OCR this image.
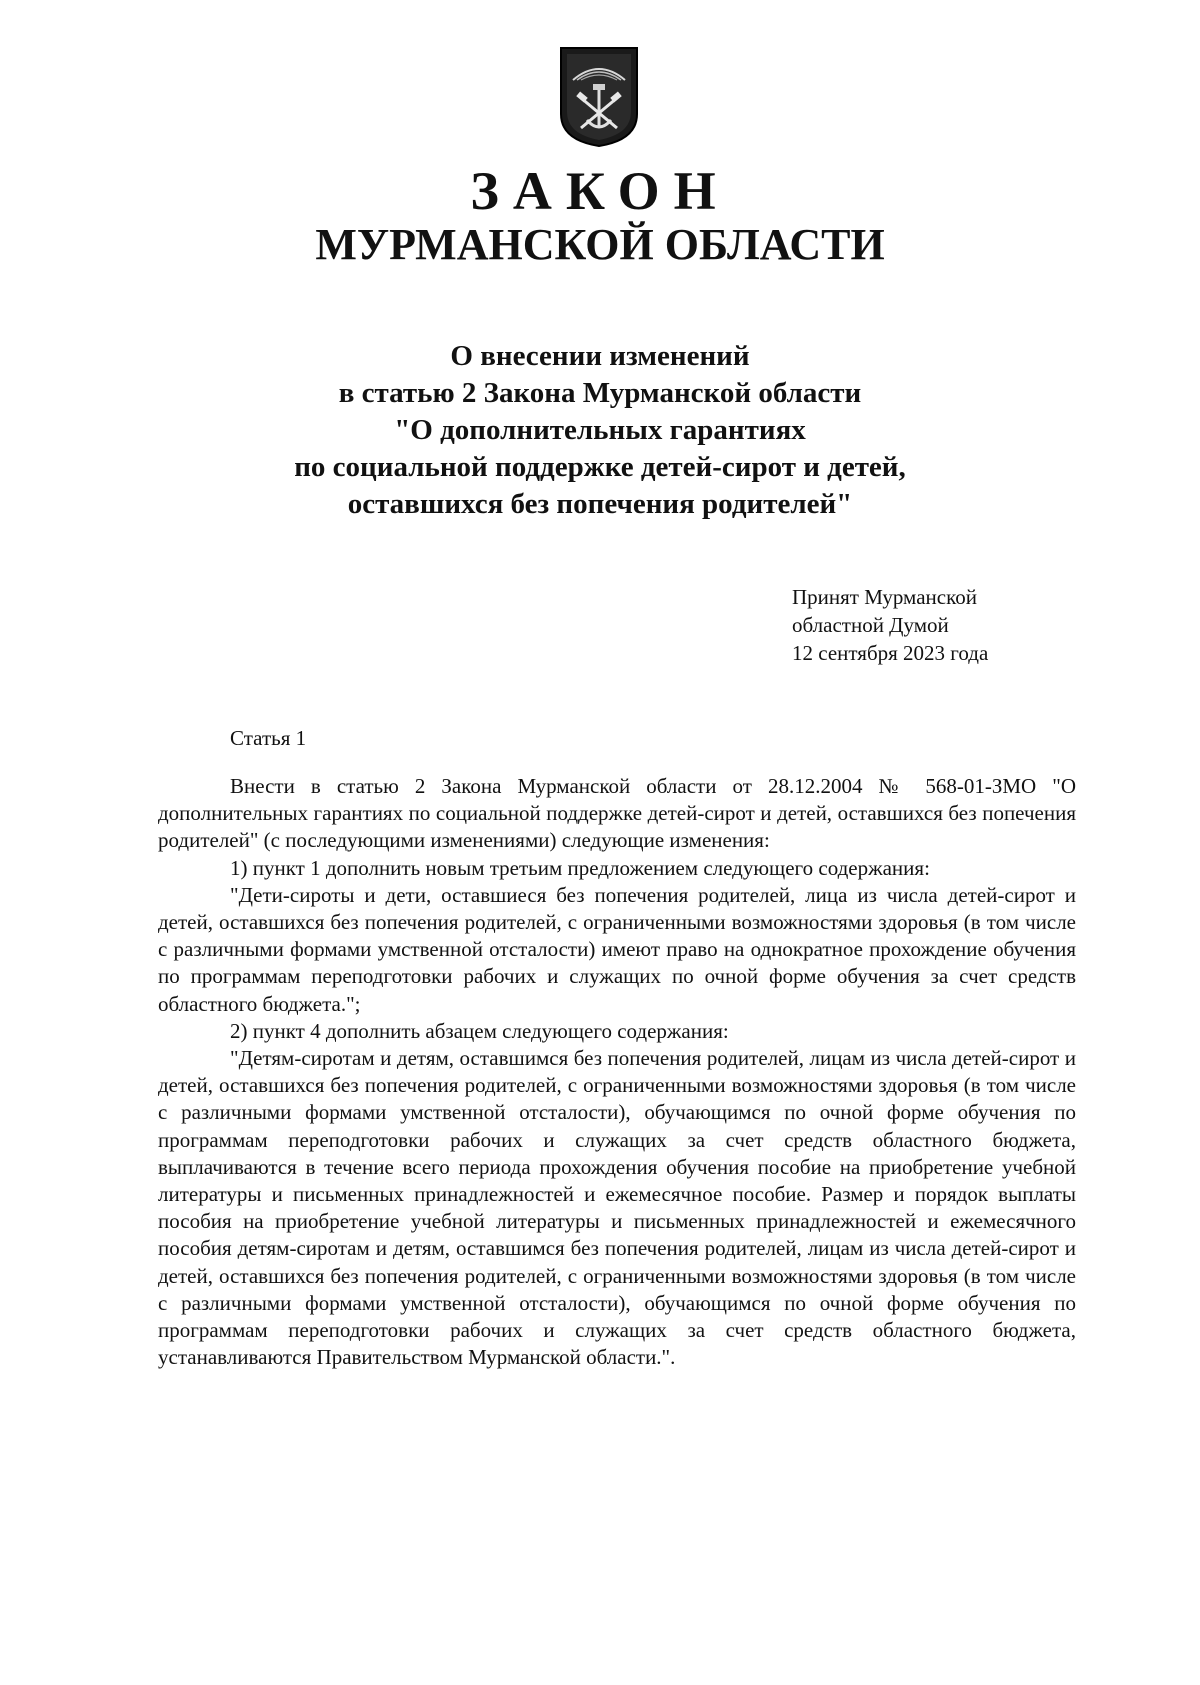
ЗАКОН
МУРМАНСКОЙ ОБЛАСТИ
О внесении изменений
в статью 2 Закона Мурманской области
"О дополнительных гарантиях
по социальной поддержке детей-сирот и детей,
оставшихся без попечения родителей"
Принят Мурманской
областной Думой
12 сентября 2023 года
Статья 1

Внести в статью 2 Закона Мурманской области от 28.12.2004 № 568-01-ЗМО "О дополнительных гарантиях по социальной поддержке детей-сирот и детей, оставшихся без попечения родителей" (с последующими изменениями) следующие изменения:

1) пункт 1 дополнить новым третьим предложением следующего содержания:

"Дети-сироты и дети, оставшиеся без попечения родителей, лица из числа детей-сирот и детей, оставшихся без попечения родителей, с ограниченными возможностями здоровья (в том числе с различными формами умственной отсталости) имеют право на однократное прохождение обучения по программам переподготовки рабочих и служащих по очной форме обучения за счет средств областного бюджета.";

2) пункт 4 дополнить абзацем следующего содержания:

"Детям-сиротам и детям, оставшимся без попечения родителей, лицам из числа детей-сирот и детей, оставшихся без попечения родителей, с ограниченными возможностями здоровья (в том числе с различными формами умственной отсталости), обучающимся по очной форме обучения по программам переподготовки рабочих и служащих за счет средств областного бюджета, выплачиваются в течение всего периода прохождения обучения пособие на приобретение учебной литературы и письменных принадлежностей и ежемесячное пособие. Размер и порядок выплаты пособия на приобретение учебной литературы и письменных принадлежностей и ежемесячного пособия детям-сиротам и детям, оставшимся без попечения родителей, лицам из числа детей-сирот и детей, оставшихся без попечения родителей, с ограниченными возможностями здоровья (в том числе с различными формами умственной отсталости), обучающимся по очной форме обучения по программам переподготовки рабочих и служащих за счет средств областного бюджета, устанавливаются Правительством Мурманской области.".
